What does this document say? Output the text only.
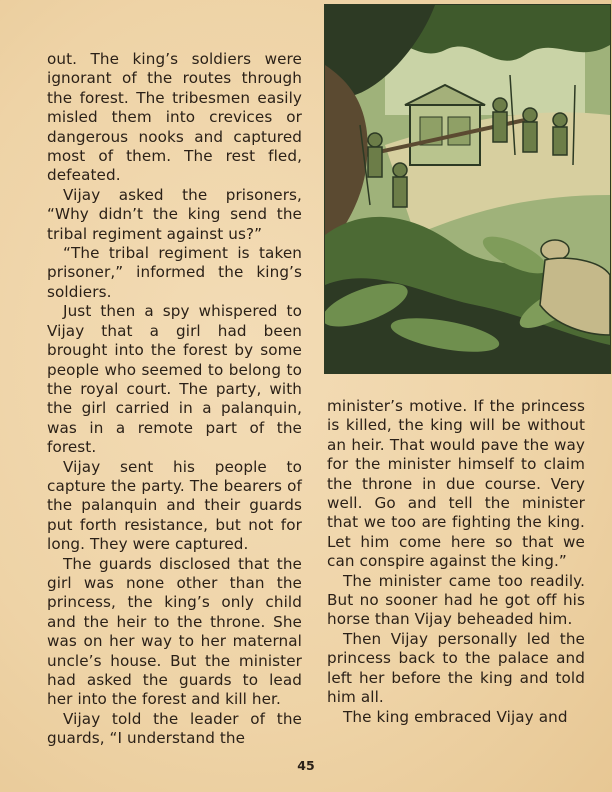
out. The king’s soldiers were ignorant of the routes through the forest. The tribesmen easily misled them into crevices or dangerous nooks and captured most of them. The rest fled, defeated.

Vijay asked the prisoners, “Why didn’t the king send the tribal regiment against us?”

“The tribal regiment is taken prisoner,” informed the king’s soldiers.

Just then a spy whispered to Vijay that a girl had been brought into the forest by some people who seemed to belong to the royal court. The party, with the girl carried in a palanquin, was in a remote part of the forest.

Vijay sent his people to capture the party. The bearers of the palanquin and their guards put forth resistance, but not for long. They were captured.

The guards disclosed that the girl was none other than the princess, the king’s only child and the heir to the throne. She was on her way to her maternal uncle’s house. But the minister had asked the guards to lead her into the forest and kill her.

Vijay told the leader of the guards, “I understand the

minister’s motive. If the princess is killed, the king will be without an heir. That would pave the way for the minister himself to claim the throne in due course. Very well. Go and tell the minister that we too are fighting the king. Let him come here so that we can conspire against the king.”

The minister came too readily. But no sooner had he got off his horse than Vijay beheaded him.

Then Vijay personally led the princess back to the palace and left her before the king and told him all.

The king embraced Vijay and

45
